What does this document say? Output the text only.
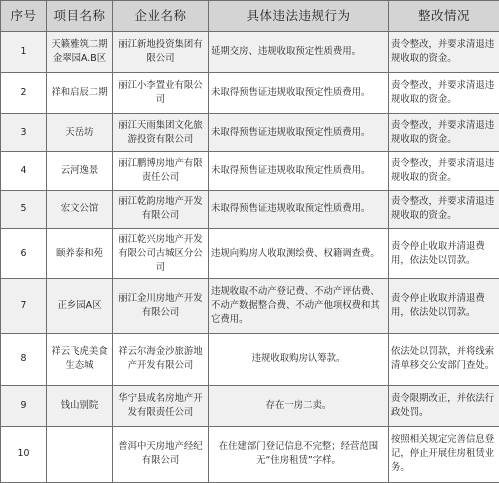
序号	项目名称	企业名称	具体违法违规行为	整改情况
1	天籁雅筑二期金翠园A.B区	丽江新地投资集团有限公司	延期交房、违规收取预定性质费用。	责令整改，并要求清退违规收取的资金。
2	祥和启辰二期	丽江小李置业有限公司	未取得预售证违规收取预定性质费用。	责令整改，并要求清退违规收取的资金。
3	天岳坊	丽江天雨集团文化旅游投资有限公司	未取得预售证违规收取预定性质费用。	责令整改，并要求清退违规收取的资金。
4	云河逸景	丽江鹏博房地产有限责任公司	未取得预售证违规收取预定性质费用。	责令整改，并要求清退违规收取的资金。
5	宏文公馆	丽江乾韵房地产开发有限公司	未取得预售证违规收取预定性质费用。	责令整改，并要求清退违规收取的资金。
6	颐养泰和苑	丽江乾兴房地产开发有限公司古城区分公司	违规向购房人收取测绘费、权籍调查费。	责令停止收取并清退费用，依法处以罚款。
7	正乡园A区	丽江金川房地产开发有限公司	违规收取不动产登记费、不动产评估费、不动产数据整合费、不动产他项权费和其它费用。	责令停止收取并清退费用，依法处以罚款。
8	祥云飞虎美食生态城	祥云尔海金沙旅游地产开发有限公司	违规收取购房认筹款。	依法处以罚款，并将线索清单移交公安部门查处。
9	钱山别院	华宁县成名房地产开发有限责任公司	存在一房二卖。	责令限期改正，并依法行政处罚。
10		普洱中天房地产经纪有限公司	在住建部门登记信息不完整；经营范围无“住房租赁”字样。	按照相关规定完善信息登记，停止开展住房租赁业务。
